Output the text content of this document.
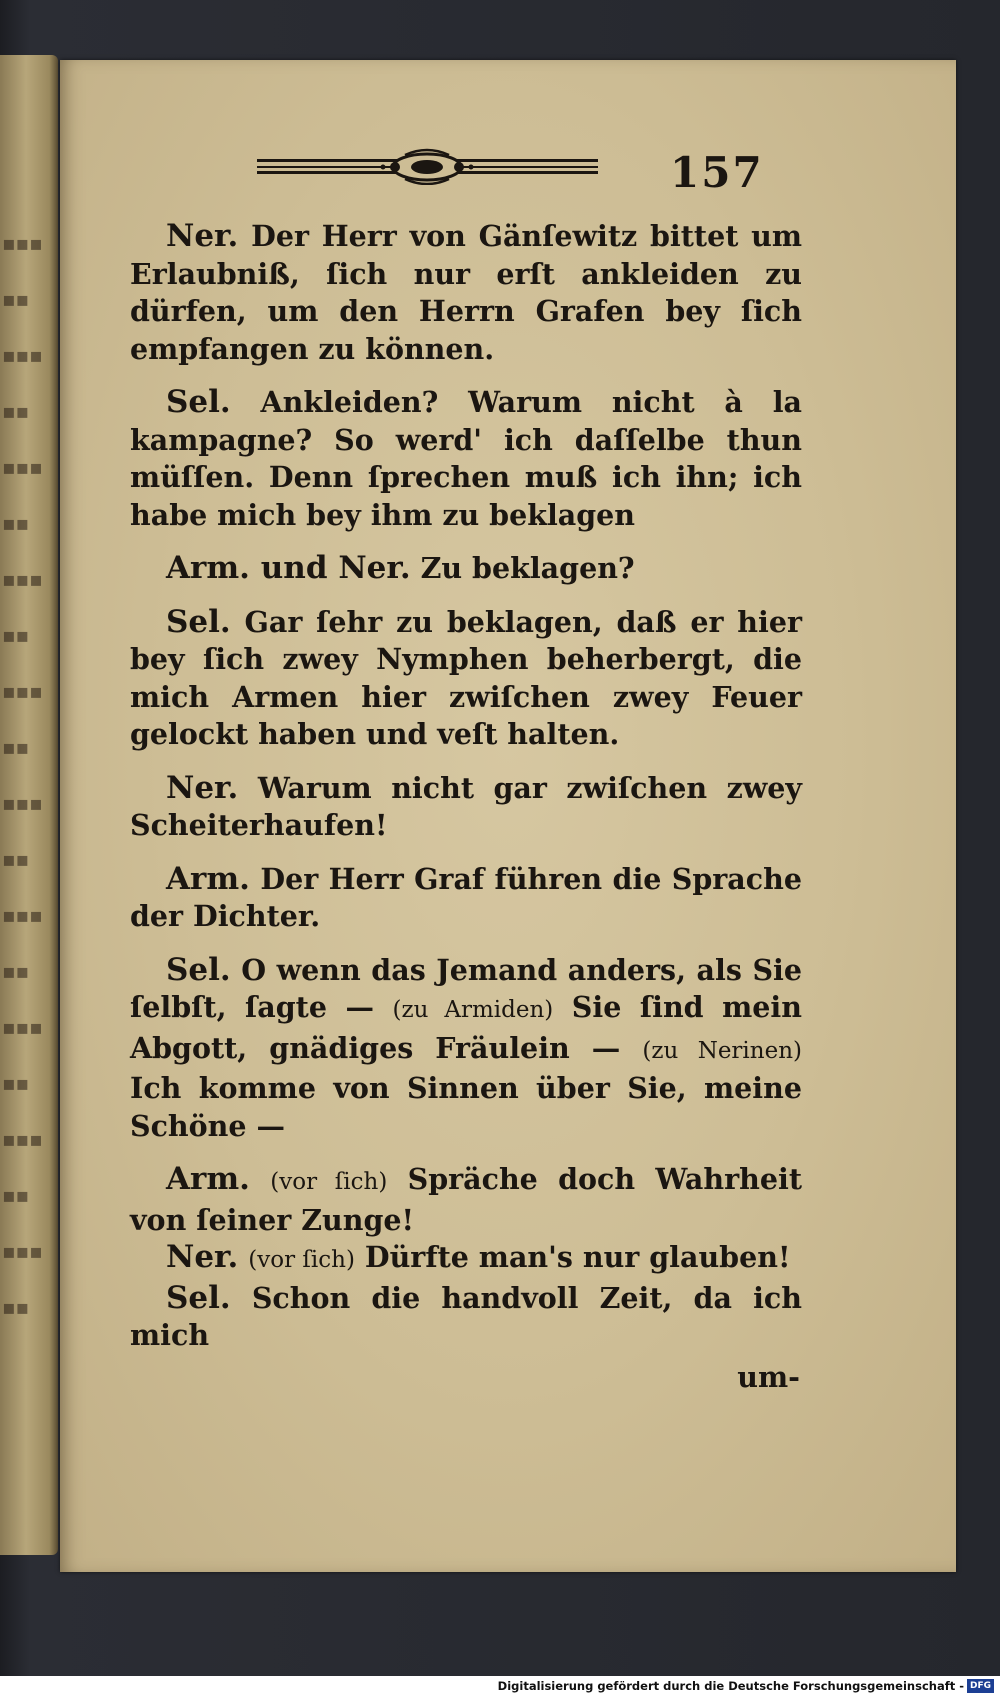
▪▪▪
▪▪
▪▪▪
▪▪
▪▪▪
▪▪
▪▪▪
▪▪
▪▪▪
▪▪
▪▪▪
▪▪
▪▪▪
▪▪
▪▪▪
▪▪
▪▪▪
▪▪
▪▪▪
▪▪
157

Ner. Der Herr von Gänſewitz bittet um Erlaubniß, ſich nur erſt ankleiden zu dürfen, um den Herrn Grafen bey ſich empfangen zu können.

Sel. Ankleiden? Warum nicht à la kampagne? So werd' ich daſſelbe thun müſſen. Denn ſprechen muß ich ihn; ich habe mich bey ihm zu beklagen

Arm. und Ner. Zu beklagen?

Sel. Gar ſehr zu beklagen, daß er hier bey ſich zwey Nymphen beherbergt, die mich Armen hier zwiſchen zwey Feuer gelockt haben und veſt halten.

Ner. Warum nicht gar zwiſchen zwey Scheiterhaufen!

Arm. Der Herr Graf führen die Sprache der Dichter.

Sel. O wenn das Jemand anders, als Sie ſelbſt, ſagte — (zu Armiden) Sie ſind mein Abgott, gnädiges Fräulein — (zu Nerinen) Ich komme von Sinnen über Sie, meine Schöne —

Arm. (vor ſich) Spräche doch Wahrheit von ſeiner Zunge!

Ner. (vor ſich) Dürfte man's nur glauben!

Sel. Schon die handvoll Zeit, da ich mich

um‑
Digitalisierung gefördert durch die Deutsche Forschungsgemeinschaft - DFG
